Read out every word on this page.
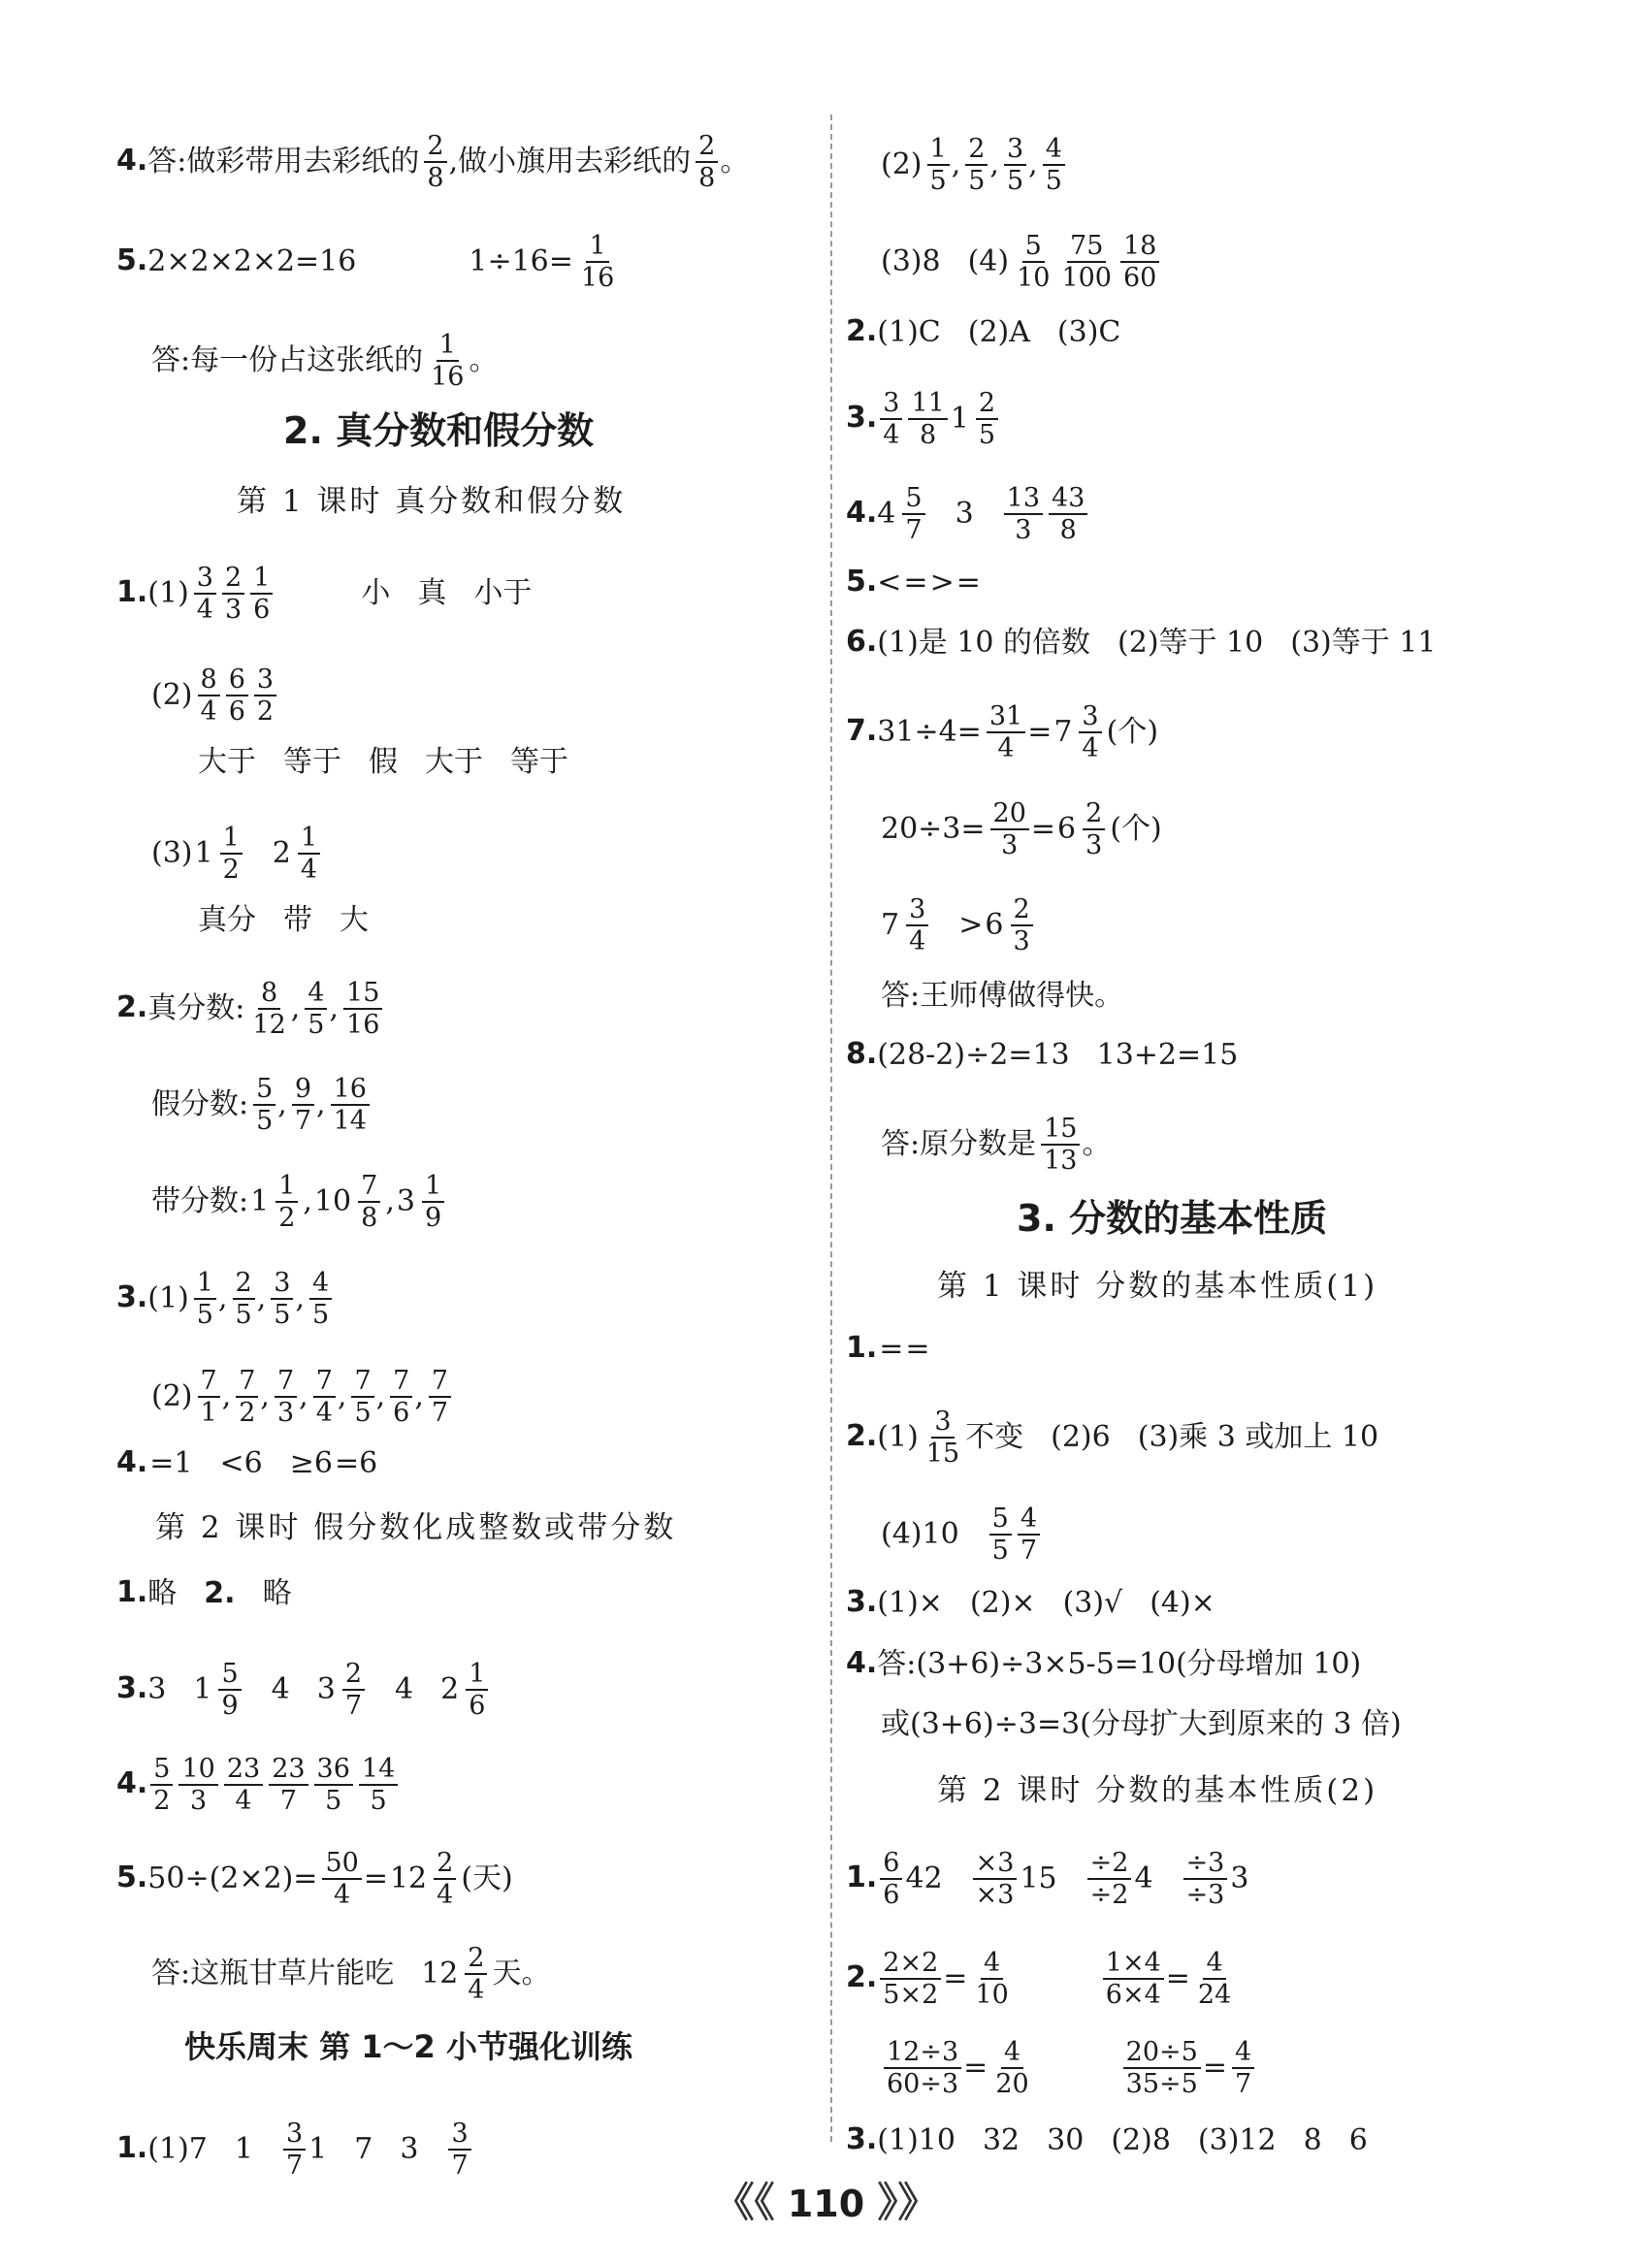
4.答:做彩带用去彩纸的 $\frac{2}{8}$ ,做小旗用去彩纸的 $\frac{2}{8}$ 。
5.2×2×2×2=16	$1\div 16= \frac{1}{16}$
答:每一份占这张纸的 $\frac{1}{16}$ 。
$1.(1) \frac{3}{4} \frac{2}{3} \frac{1}{6}$	小 真 小于
$(2) \frac{8}{4} \frac{6}{6} \frac{3}{2}$
大于 等于 假 大于 等于
(3) $1 \frac{1}{2} 2 \frac{1}{4}$
真分 带 大
2.真分数: $\frac{8}{12}$ , $\frac{4}{5}$ , $\frac{15}{16}$
假分数: $\frac{5}{5}$ , $\frac{9}{7}$ , $\frac{16}{14}$
带分数: $1 \frac{1}{2}$ , $10 \frac{7}{8}$ , $3 \frac{1}{9}$
$3.(1) \frac{1}{5}$ , $\frac{2}{5}$ , $\frac{3}{5}$ , $\frac{4}{5}$
$(2) \frac{7}{1}$ , $\frac{7}{2}$ , $\frac{7}{3}$ , $\frac{7}{4}$ , $\frac{7}{5}$ , $\frac{7}{6}$ , $\frac{7}{7}$
4.=1 <6 ≥6=6
1.略 2. 略
3.3 $1 \frac{5}{9} 4$ $3 \frac{2}{7} 4$ $2 \frac{1}{6}$
4. $\frac{5}{2} \frac{10}{3} \frac{23}{4} \frac{23}{7} \frac{36}{5} \frac{14}{5}$
$5.50\div(2\times 2)= \frac{50}{4} = 12 \frac{2}{4}$ (天)
答:这瓶甘草片能吃 $12 \frac{2}{4}$ 天。
1.(1)7 $1 \frac{3}{7} 1$ 7 $3 \frac{3}{7}$
2. 真分数和假分数
第 1 课时 真分数和假分数
第 2 课时 假分数化成整数或带分数
快乐周末 第 1～2 小节强化训练
$(2) \frac{1}{5}$ , $\frac{2}{5}$ , $\frac{3}{5}$ , $\frac{4}{5}$
(3)8 $(4) \frac{5}{10} \frac{75}{100} \frac{18}{60}$
2.(1)C (2)A (3)C
3. $\frac{3}{4} \frac{11}{8} 1 \frac{2}{5}$
4. $4 \frac{5}{7} 3 \frac{13}{3} \frac{43}{8}$
5.<=>=
6.(1)是 10 的倍数 (2)等于 10 (3)等于 11
$7.31\div 4= \frac{31}{4} = 7 \frac{3}{4}$ (个)
$20\div 3= \frac{20}{3} = 6 \frac{2}{3}$ (个)
$7 \frac{3}{4} > 6 \frac{2}{3}$
答:王师傅做得快。
8.(28-2)÷2=13 13+2=15
答:原分数是 $\frac{15}{13}$ 。
1.==
$2.(1) \frac{3}{15}$ 不变 (2)6 (3)乘 3 或加上 10
$(4)10 \frac{5}{5} \frac{4}{7}$
3.(1)× (2)× (3)√ (4)×
4.答:(3+6)÷3×5-5=10(分母增加 10)
或(3+6)÷3=3(分母扩大到原来的 3 倍)
1. $\frac{6}{6} 42 \frac{\times 3}{\times 3} 15 \frac{\div 2}{\div 2} 4 \frac{\div 3}{\div 3} 3$
2. $\frac{2\times 2}{5\times 2} = \frac{4}{10}$	$\frac{1\times 4}{6\times 4} = \frac{4}{24}$
$\frac{12\div 3}{60\div 3} = \frac{4}{20}$	$\frac{20\div 5}{35\div 5} = \frac{4}{7}$
3.(1)10 32 30 (2)8 (3)12 8 6
3. 分数的基本性质
第 1 课时 分数的基本性质(1)
第 2 课时 分数的基本性质(2)
《《 110 》》
